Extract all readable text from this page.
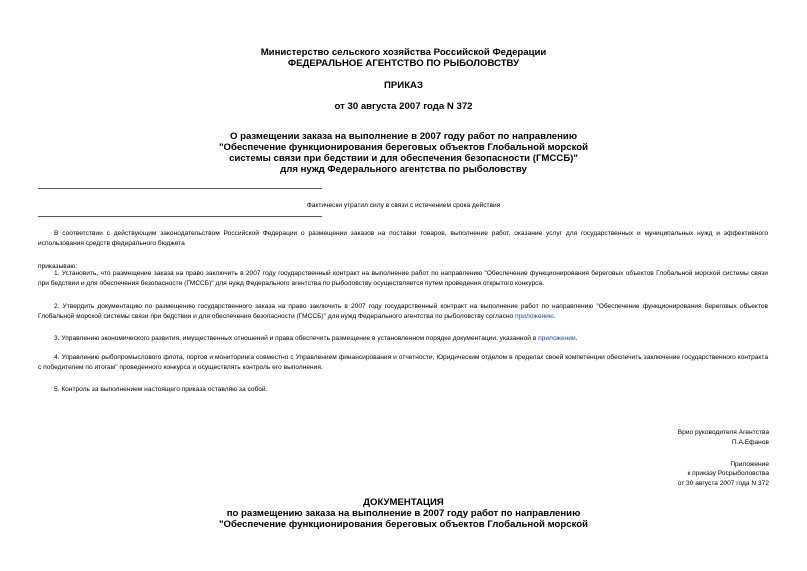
Министерство сельского хозяйства Российской Федерации
ФЕДЕРАЛЬНОЕ АГЕНТСТВО ПО РЫБОЛОВСТВУ
ПРИКАЗ
от 30 августа 2007 года N 372
О размещении заказа на выполнение в 2007 году работ по направлению
"Обеспечение функционирования береговых объектов Глобальной морской
системы связи при бедствии и для обеспечения безопасности (ГМССБ)"
для нужд Федерального агентства по рыболовству
Фактически утратил силу в связи с истечением срока действия
В соответствии с действующим законодательством Российской Федерации о размещении заказов на поставки товаров, выполнение работ, оказание услуг для государственных и муниципальных нужд и эффективного использования средств федерального бюджета
приказываю:
1. Установить, что размещение заказа на право заключить в 2007 году государственный контракт на выполнение работ по направлению "Обеспечение функционирования береговых объектов Глобальной морской системы связи при бедствии и для обеспечения безопасности (ГМССБ)" для нужд Федерального агентства по рыболовству осуществляется путем проведения открытого конкурса.
2. Утвердить документацию по размещению государственного заказа на право заключить в 2007 году государственный контракт на выполнение работ по направлению "Обеспечение функционирования береговых объектов Глобальной морской системы связи при бедствии и для обеспечения безопасности (ГМССБ)" для нужд Федерального агентства по рыболовству согласно приложению.
3. Управлению экономического развития, имущественных отношений и права обеспечить размещение в установленном порядке документации, указанной в приложении.
4. Управлению рыбопромыслового флота, портов и мониторинга совместно с Управлением финансирования и отчетности, Юридическим отделом в пределах своей компетенции обеспечить заключение государственного контракта с победителем по итогам" проведенного конкурса и осуществлять контроль его выполнения.
5. Контроль за выполнением настоящего приказа оставляю за собой.
Врио руководителя Агентства
П.А.Ефанов
Приложение
к приказу Росрыболовства
от 30 августа 2007 года N 372
ДОКУМЕНТАЦИЯ
по размещению заказа на выполнение в 2007 году работ по направлению
"Обеспечение функционирования береговых объектов Глобальной морской
